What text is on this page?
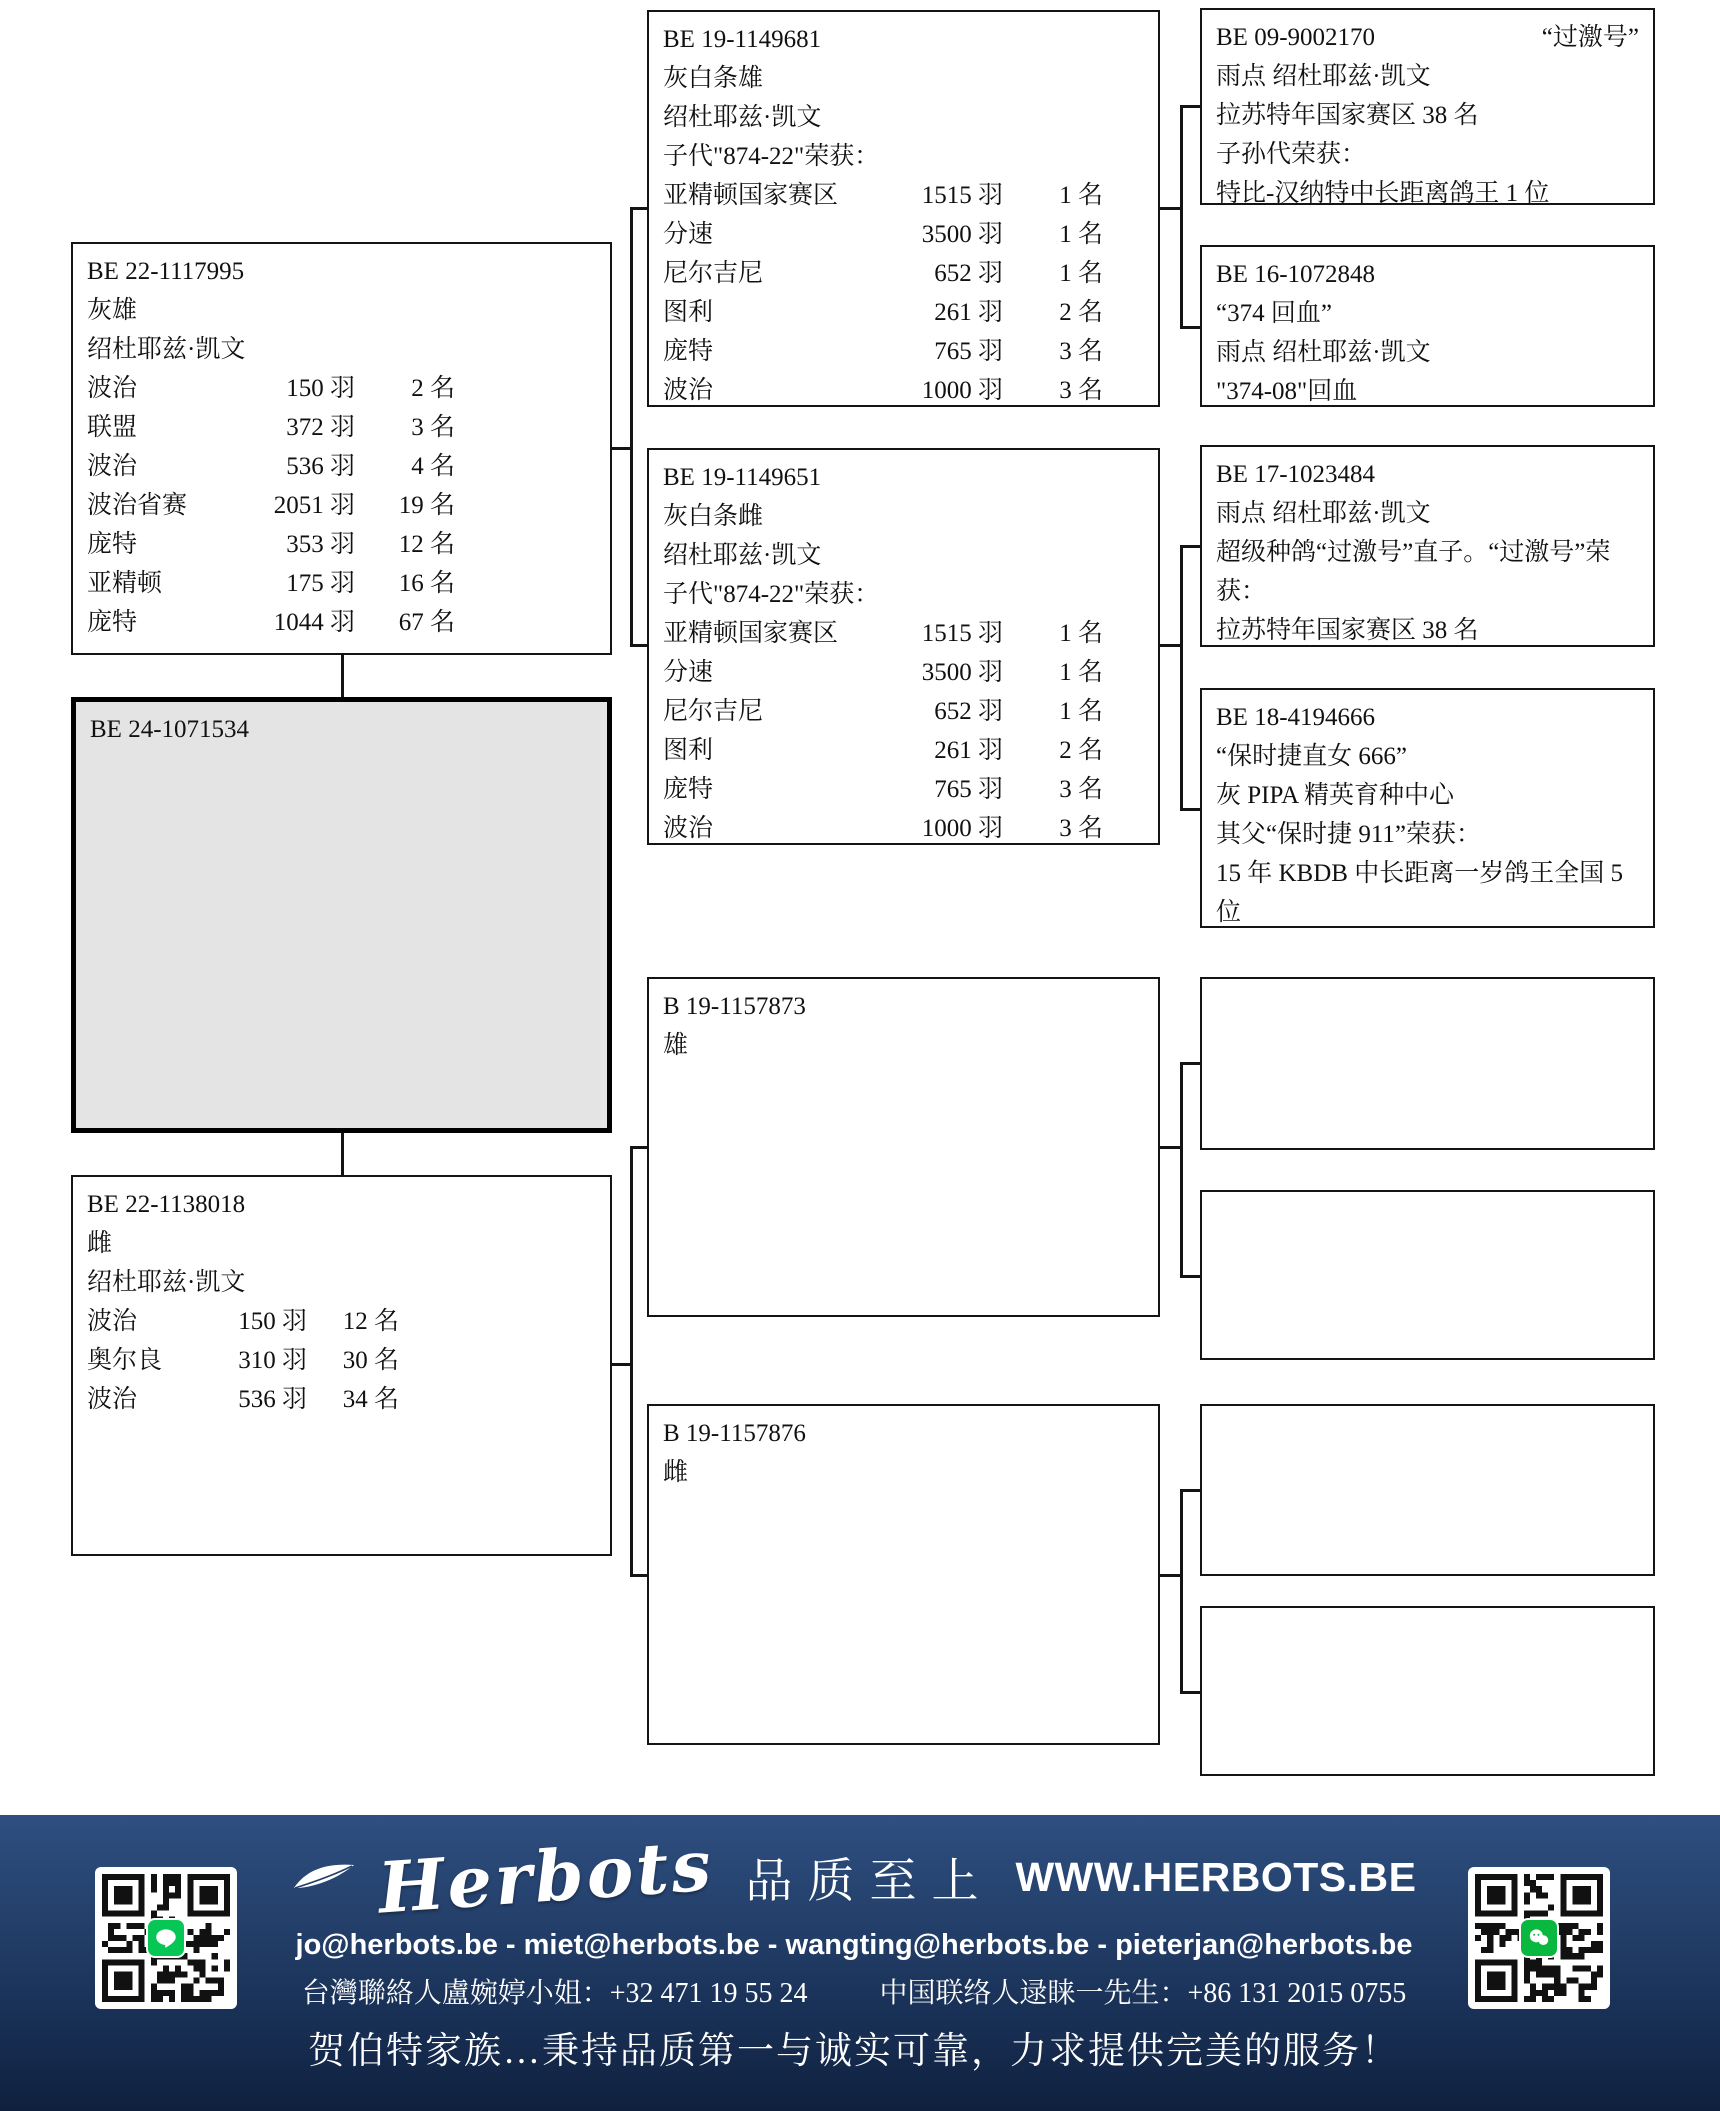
BE 22-1117995
灰雄
绍杜耶兹·凯文
波治	150 羽	2 名
联盟	372 羽	3 名
波治	536 羽	4 名
波治省赛	2051 羽	19 名
庞特	353 羽	12 名
亚精顿	175 羽	16 名
庞特	1044 羽	67 名
BE 24-1071534
BE 22-1138018
雌
绍杜耶兹·凯文
波治	150 羽	12 名
奥尔良	310 羽	30 名
波治	536 羽	34 名
BE 19-1149681
灰白条雄
绍杜耶兹·凯文
子代"874-22"荣获：
亚精顿国家赛区	1515 羽	1 名
分速	3500 羽	1 名
尼尔吉尼	652 羽	1 名
图利	261 羽	2 名
庞特	765 羽	3 名
波治	1000 羽	3 名
BE 19-1149651
灰白条雌
绍杜耶兹·凯文
子代"874-22"荣获：
亚精顿国家赛区	1515 羽	1 名
分速	3500 羽	1 名
尼尔吉尼	652 羽	1 名
图利	261 羽	2 名
庞特	765 羽	3 名
波治	1000 羽	3 名
B 19-1157873
雄
B 19-1157876
雌
BE 09-9002170	“过激号”
雨点 绍杜耶兹·凯文
拉苏特年国家赛区 38 名
子孙代荣获：
特比-汉纳特中长距离鸽王 1 位
BE 16-1072848
“374 回血”
雨点 绍杜耶兹·凯文
"374-08"回血
BE 17-1023484
雨点 绍杜耶兹·凯文
超级种鸽“过激号”直子。“过激号”荣获：
拉苏特年国家赛区 38 名
BE 18-4194666
“保时捷直女 666”
灰 PIPA 精英育种中心
其父“保时捷 911”荣获：
15 年 KBDB 中长距离一岁鸽王全国 5 位
Herbots 品质至上 WWW.HERBOTS.BE
jo@herbots.be - miet@herbots.be - wangting@herbots.be - pieterjan@herbots.be
台灣聯絡人盧婉婷小姐：+32 471 19 55 24	中国联络人逯睐一先生：+86 131 2015 0755
贺伯特家族…秉持品质第一与诚实可靠，力求提供完美的服务！
